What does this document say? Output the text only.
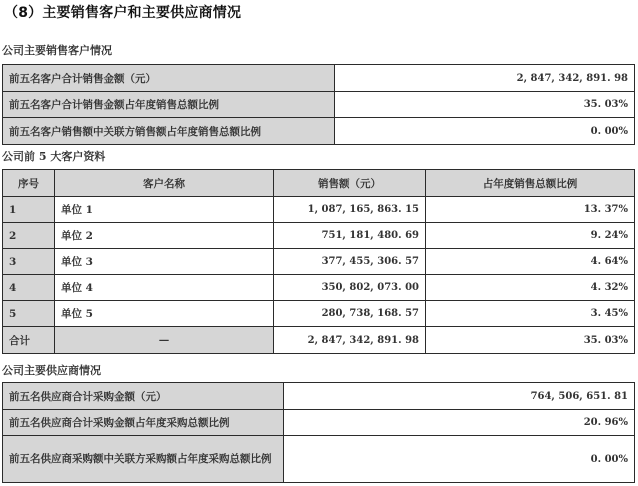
（8）主要销售客户和主要供应商情况
公司主要销售客户情况
前五名客户合计销售金额（元）	2, 847, 342, 891. 98
前五名客户合计销售金额占年度销售总额比例	35. 03%
前五名客户销售额中关联方销售额占年度销售总额比例	0. 00%
公司前 5 大客户资料
序号	客户名称	销售额（元）	占年度销售总额比例
1	单位 1	1, 087, 165, 863. 15	13. 37%
2	单位 2	751, 181, 480. 69	9. 24%
3	单位 3	377, 455, 306. 57	4. 64%
4	单位 4	350, 802, 073. 00	4. 32%
5	单位 5	280, 738, 168. 57	3. 45%
合计	—	2, 847, 342, 891. 98	35. 03%
公司主要供应商情况
前五名供应商合计采购金额（元）	764, 506, 651. 81
前五名供应商合计采购金额占年度采购总额比例	20. 96%
前五名供应商采购额中关联方采购额占年度采购总额比例	0. 00%
